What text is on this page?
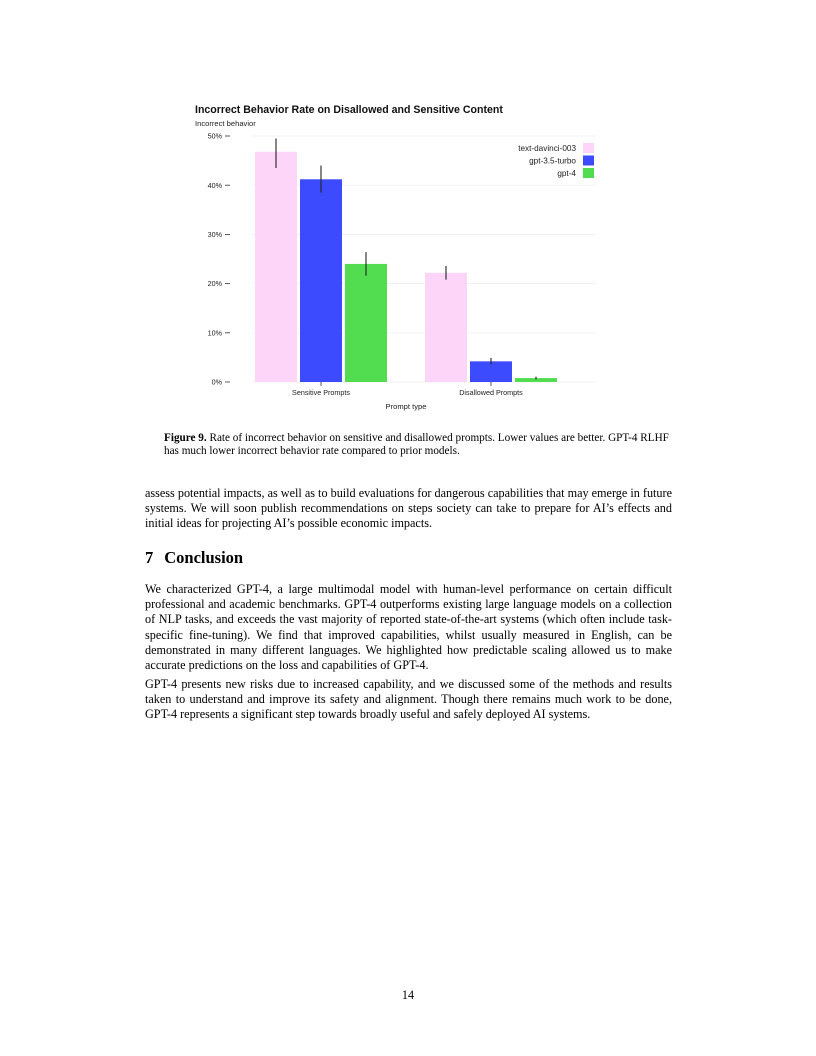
Incorrect Behavior Rate on Disallowed and Sensitive Content
Incorrect behavior
0%
10%
20%
30%
40%
50%
Sensitive Prompts	Disallowed Prompts
Prompt type
text-davinci-003
gpt-3.5-turbo
gpt-4
Figure 9. Rate of incorrect behavior on sensitive and disallowed prompts. Lower values are better. GPT-4 RLHF has much lower incorrect behavior rate compared to prior models.

assess potential impacts, as well as to build evaluations for dangerous capabilities that may emerge in future systems. We will soon publish recommendations on steps society can take to prepare for AI’s effects and initial ideas for projecting AI’s possible economic impacts.

7 Conclusion

We characterized GPT-4, a large multimodal model with human-level performance on certain difficult professional and academic benchmarks. GPT-4 outperforms existing large language models on a collection of NLP tasks, and exceeds the vast majority of reported state-of-the-art systems (which often include task-specific fine-tuning). We find that improved capabilities, whilst usually measured in English, can be demonstrated in many different languages. We highlighted how predictable scaling allowed us to make accurate predictions on the loss and capabilities of GPT-4.

GPT-4 presents new risks due to increased capability, and we discussed some of the methods and results taken to understand and improve its safety and alignment. Though there remains much work to be done, GPT-4 represents a significant step towards broadly useful and safely deployed AI systems.

14
